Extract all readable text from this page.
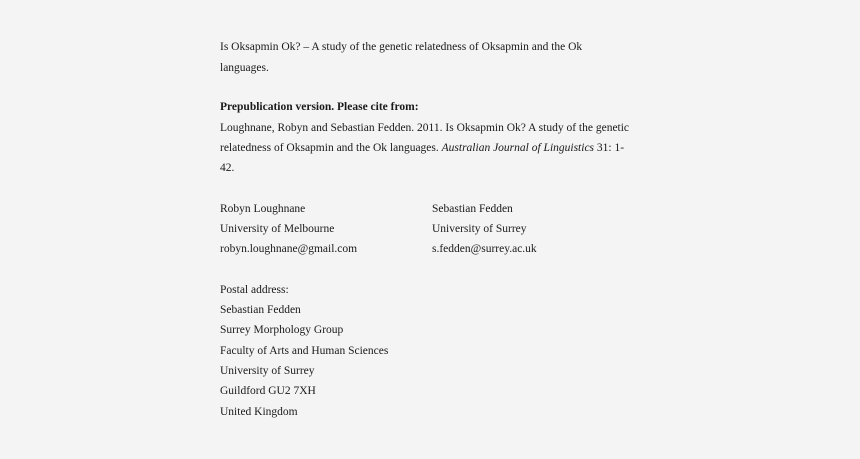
Is Oksapmin Ok? – A study of the genetic relatedness of Oksapmin and the Ok
languages.
Prepublication version. Please cite from:
Loughnane, Robyn and Sebastian Fedden. 2011. Is Oksapmin Ok? A study of the genetic
relatedness of Oksapmin and the Ok languages. Australian Journal of Linguistics 31: 1-
42.
Robyn Loughnane
University of Melbourne
robyn.loughnane@gmail.com
Sebastian Fedden
University of Surrey
s.fedden@surrey.ac.uk
Postal address:
Sebastian Fedden
Surrey Morphology Group
Faculty of Arts and Human Sciences
University of Surrey
Guildford GU2 7XH
United Kingdom
